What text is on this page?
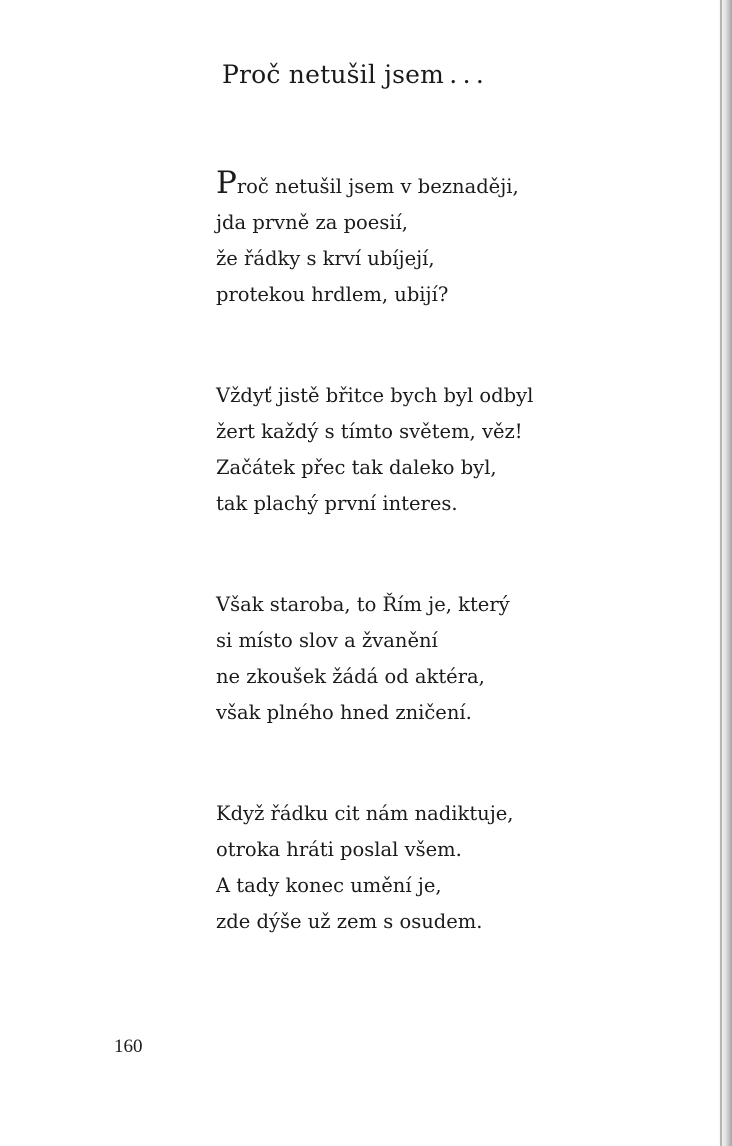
Proč netušil jsem . . .
Proč netušil jsem v beznaději,
jda prvně za poesií,
že řádky s krví ubíjejí,
protekou hrdlem, ubijí?
Vždyť jistě břitce bych byl odbyl
žert každý s tímto světem, věz!
Začátek přec tak daleko byl,
tak plachý první interes.
Však staroba, to Řím je, který
si místo slov a žvanění
ne zkoušek žádá od aktéra,
však plného hned zničení.
Když řádku cit nám nadiktuje,
otroka hráti poslal všem.
A tady konec umění je,
zde dýše už zem s osudem.
160
